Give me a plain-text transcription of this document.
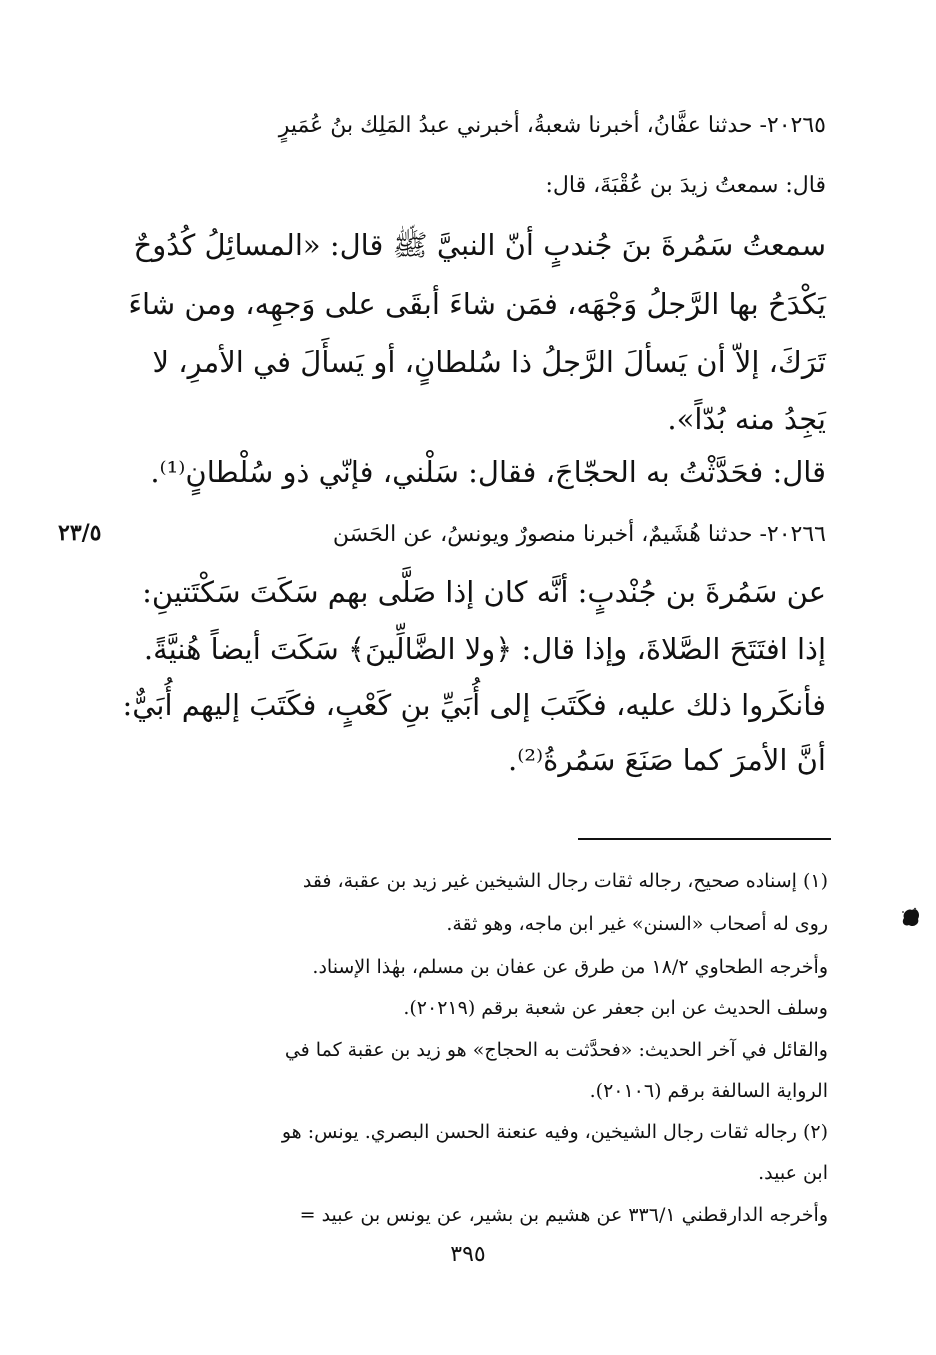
٢٠٢٦٥- حدثنا عفَّانُ، أخبرنا شعبةُ، أخبرني عبدُ المَلِك بنُ عُمَيرٍ
قال: سمعتُ زيدَ بن عُقْبَةَ، قال:
سمعتُ سَمُرةَ بنَ جُندبٍ أنّ النبيَّ ﷺ قال: «المسائِلُ كُدُوحٌ
يَكْدَحُ بها الرَّجلُ وَجْهَه، فمَن شاءَ أبقَى على وَجهِه، ومن شاءَ
تَرَكَ، إلاّ أن يَسألَ الرَّجلُ ذا سُلطانٍ، أو يَسأَلَ في الأمرِ، لا
يَجِدُ منه بُدّاً».
قال: فحَدَّثْتُ به الحجّاجَ، فقال: سَلْني، فإنّي ذو سُلْطانٍ⁽¹⁾.
٢٣/٥	٢٠٢٦٦- حدثنا هُشَيمٌ، أخبرنا منصورٌ ويونسُ، عن الحَسَن
عن سَمُرةَ بن جُنْدبٍ: أنَّه كان إذا صَلَّى بهم سَكَتَ سَكْتَتينِ:
إذا افتَتَحَ الصَّلاةَ، وإذا قال: ﴿ولا الضَّالِّينَ﴾ سَكَتَ أيضاً هُنيَّةً.
فأنكَروا ذلك عليه، فكَتَبَ إلى أُبَيِّ بنِ كَعْبٍ، فكَتَبَ إليهم أُبَيٌّ:
أنَّ الأمرَ كما صَنَعَ سَمُرةُ⁽²⁾.
(١) إسناده صحيح، رجاله ثقات رجال الشيخين غير زيد بن عقبة، فقد
روى له أصحاب «السنن» غير ابن ماجه، وهو ثقة.
وأخرجه الطحاوي ١٨/٢ من طرق عن عفان بن مسلم، بهٰذا الإسناد.
وسلف الحديث عن ابن جعفر عن شعبة برقم (٢٠٢١٩).
والقائل في آخر الحديث: «فحدَّثت به الحجاج» هو زيد بن عقبة كما في
الرواية السالفة برقم (٢٠١٠٦).
(٢) رجاله ثقات رجال الشيخين، وفيه عنعنة الحسن البصري. يونس: هو
ابن عبيد.
وأخرجه الدارقطني ٣٣٦/١ عن هشيم بن بشير، عن يونس بن عبيد =
٣٩٥
